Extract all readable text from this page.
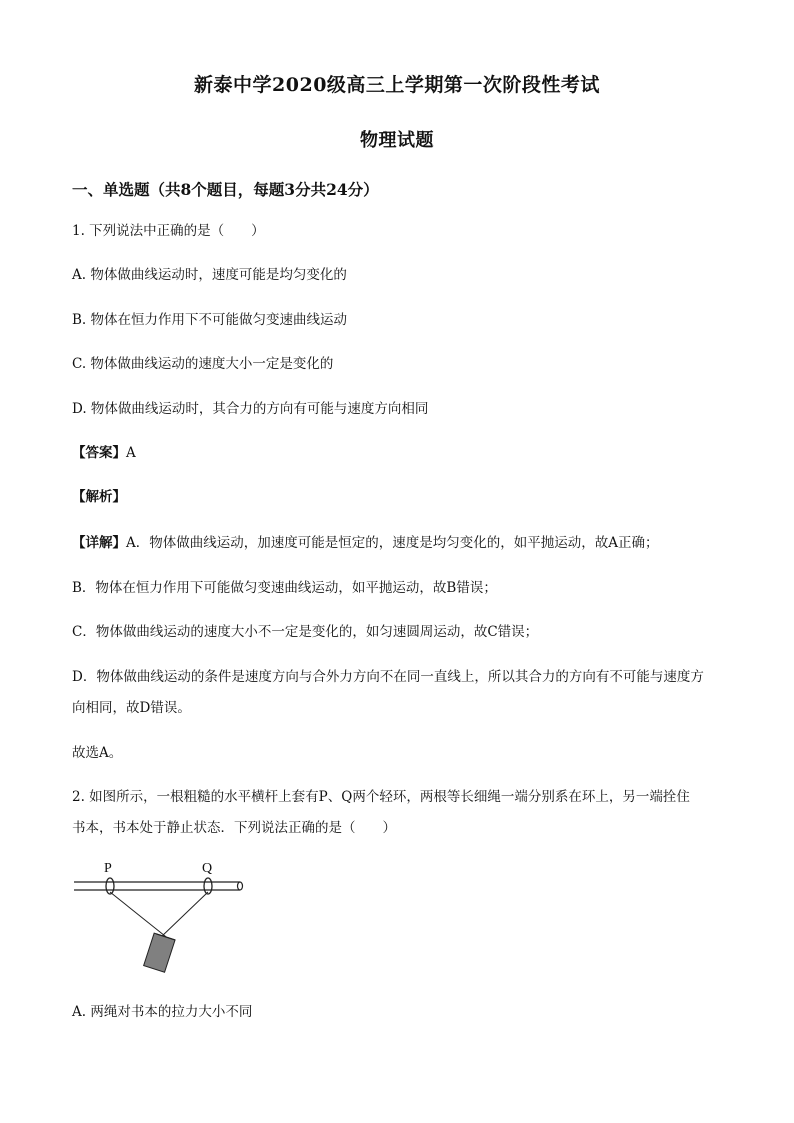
新泰中学2020级高三上学期第一次阶段性考试
物理试题
一、单选题（共8个题目，每题3分共24分）
1. 下列说法中正确的是（　　）
A. 物体做曲线运动时，速度可能是均匀变化的
B. 物体在恒力作用下不可能做匀变速曲线运动
C. 物体做曲线运动的速度大小一定是变化的
D. 物体做曲线运动时，其合力的方向有可能与速度方向相同
【答案】A
【解析】
【详解】A．物体做曲线运动，加速度可能是恒定的，速度是均匀变化的，如平抛运动，故A正确；
B．物体在恒力作用下可能做匀变速曲线运动，如平抛运动，故B错误；
C．物体做曲线运动的速度大小不一定是变化的，如匀速圆周运动，故C错误；
D．物体做曲线运动的条件是速度方向与合外力方向不在同一直线上，所以其合力的方向有不可能与速度方
向相同，故D错误。
故选A。
2. 如图所示，一根粗糙的水平横杆上套有P、Q两个轻环，两根等长细绳一端分别系在环上，另一端拴住
书本，书本处于静止状态．下列说法正确的是（　　）
P	Q
A. 两绳对书本的拉力大小不同
